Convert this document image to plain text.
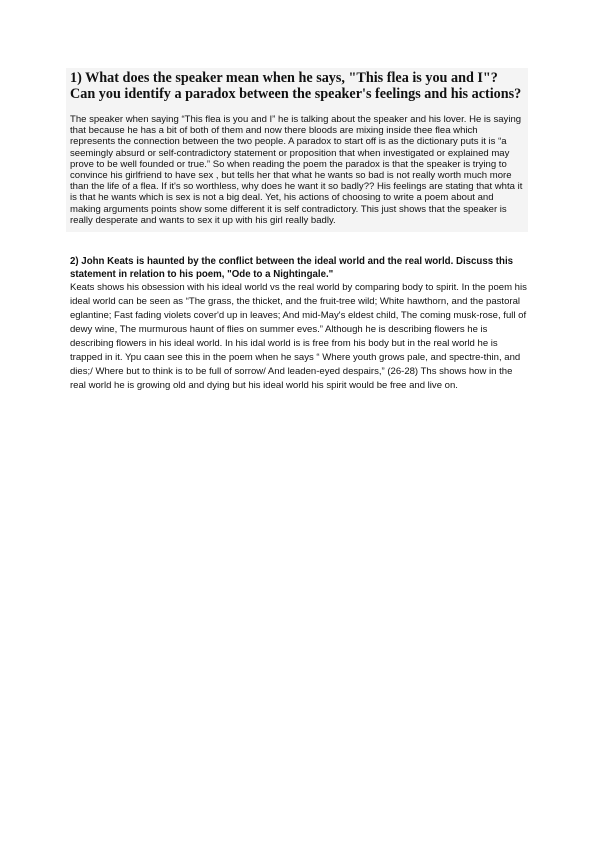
1) What does the speaker mean when he says, "This flea is you and I"? Can you identify a paradox between the speaker's feelings and his actions?

The speaker when saying “This flea is you and I” he is talking about the speaker and his lover. He is saying that because he has a bit of both of them and now there bloods are mixing inside thee flea which represents the connection between the two people. A paradox to start off is as the dictionary puts it is “a seemingly absurd or self-contradictory statement or proposition that when investigated or explained may prove to be well founded or true.” So when reading the poem the paradox is that the speaker is trying to convince his girlfriend to have sex , but tells her that what he wants so bad is not really worth much more than the life of a flea. If it's so worthless, why does he want it so badly?? His feelings are stating that whta it is that he wants which is sex is not a big deal. Yet, his actions of choosing to write a poem about and making arguments points show some different it is self contradictory. This just shows that the speaker is really desperate and wants to sex it up with his girl really badly.

2) John Keats is haunted by the conflict between the ideal world and the real world. Discuss this statement in relation to his poem, "Ode to a Nightingale."

Keats shows his obsession with his ideal world vs the real world by comparing body to spirit. In the poem his ideal world can be seen as “The grass, the thicket, and the fruit-tree wild; White hawthorn, and the pastoral eglantine; Fast fading violets cover'd up in leaves; And mid-May's eldest child, The coming musk-rose, full of dewy wine, The murmurous haunt of flies on summer eves.” Although he is describing flowers he is describing flowers in his ideal world. In his idal world is is free from his body but in the real world he is trapped in it. Ypu caan see this in the poem when he says “ Where youth grows pale, and spectre-thin, and dies;/ Where but to think is to be full of sorrow/ And leaden-eyed despairs,” (26-28) Ths shows how in the real world he is growing old and dying but his ideal world his spirit would be free and live on.
